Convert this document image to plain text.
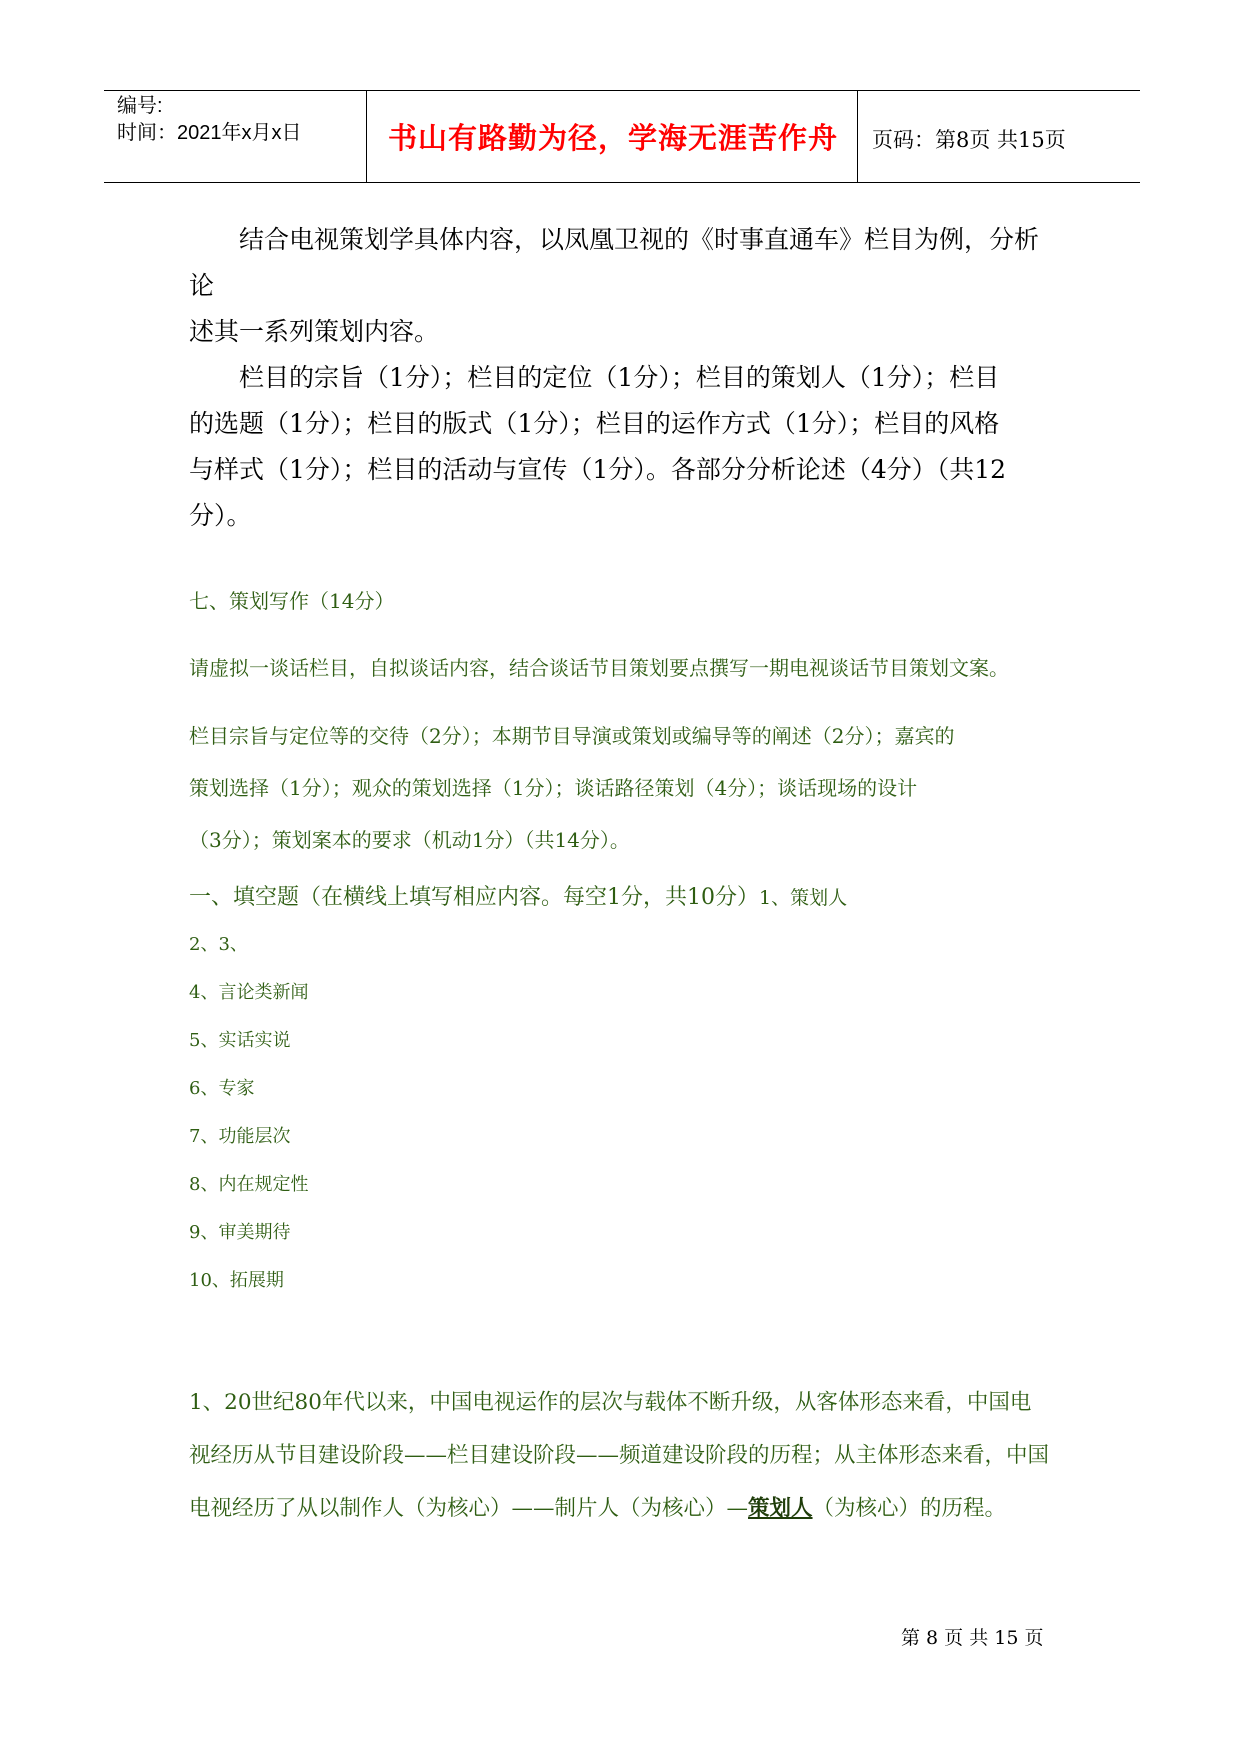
编号:
时间：2021年x月x日	书山有路勤为径，学海无涯苦作舟	页码：第8页 共15页

结合电视策划学具体内容，以凤凰卫视的《时事直通车》栏目为例，分析论

述其一系列策划内容。

栏目的宗旨（1分）；栏目的定位（1分）；栏目的策划人（1分）；栏目

的选题（1分）；栏目的版式（1分）；栏目的运作方式（1分）；栏目的风格

与样式（1分）；栏目的活动与宣传（1分）。各部分分析论述（4分）（共12

分）。

七、策划写作（14分）
请虚拟一谈话栏目，自拟谈话内容，结合谈话节目策划要点撰写一期电视谈话节目策划文案。
栏目宗旨与定位等的交待（2分）；本期节目导演或策划或编导等的阐述（2分）；嘉宾的
策划选择（1分）；观众的策划选择（1分）；谈话路径策划（4分）；谈话现场的设计
（3分）；策划案本的要求（机动1分）（共14分）。
一、填空题（在横线上填写相应内容。每空1分，共10分）1、策划人
2、3、
4、言论类新闻
5、实话实说
6、专家
7、功能层次
8、内在规定性
9、审美期待
10、拓展期

1、20世纪80年代以来，中国电视运作的层次与载体不断升级，从客体形态来看，中国电

视经历从节目建设阶段——栏目建设阶段——频道建设阶段的历程；从主体形态来看，中国

电视经历了从以制作人（为核心）——制片人（为核心）—策划人（为核心）的历程。

第 8 页 共 15 页
